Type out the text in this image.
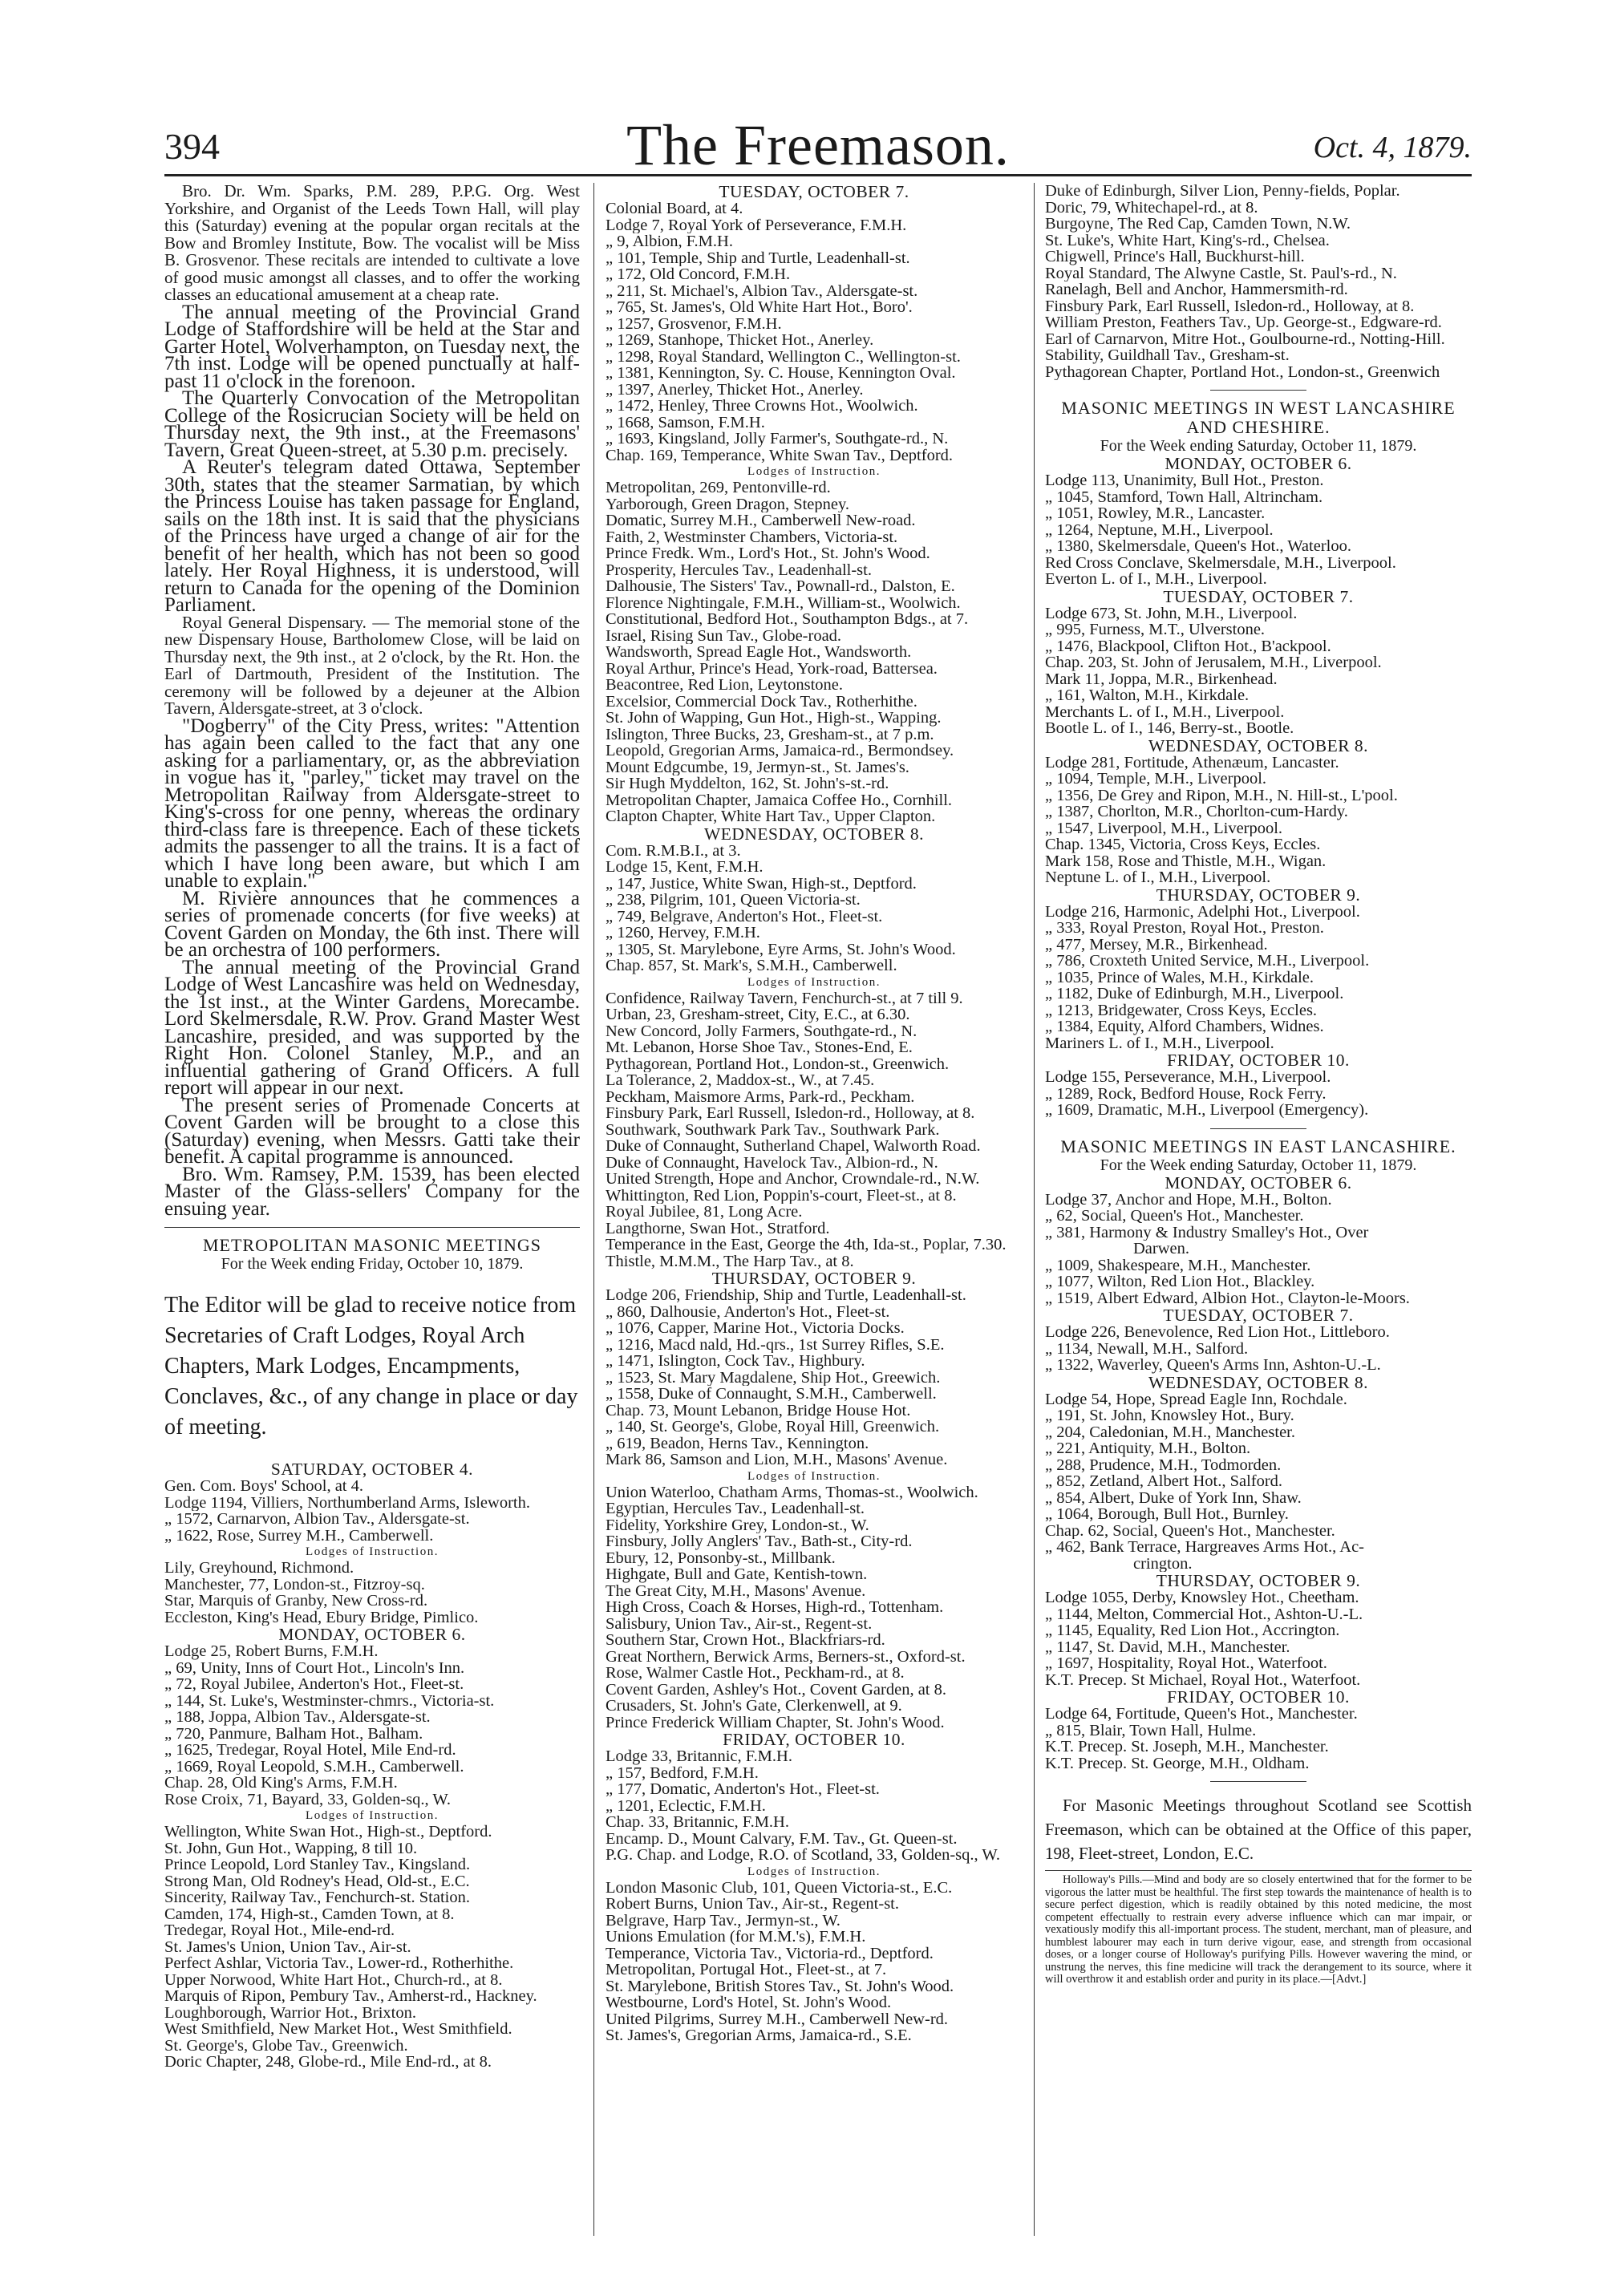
394	The Freemason.	Oct. 4, 1879.

Bro. Dr. Wm. Sparks, P.M. 289, P.P.G. Org. West Yorkshire, and Organist of the Leeds Town Hall, will play this (Saturday) evening at the popular organ recitals at the Bow and Bromley Institute, Bow. The vocalist will be Miss B. Grosvenor. These recitals are intended to cultivate a love of good music amongst all classes, and to offer the working classes an educational amusement at a cheap rate.

The annual meeting of the Provincial Grand Lodge of Staffordshire will be held at the Star and Garter Hotel, Wolverhampton, on Tuesday next, the 7th inst. Lodge will be opened punctually at half-past 11 o'clock in the forenoon.

The Quarterly Convocation of the Metropolitan College of the Rosicrucian Society will be held on Thursday next, the 9th inst., at the Freemasons' Tavern, Great Queen-street, at 5.30 p.m. precisely.

A Reuter's telegram dated Ottawa, September 30th, states that the steamer Sarmatian, by which the Princess Louise has taken passage for England, sails on the 18th inst. It is said that the physicians of the Princess have urged a change of air for the benefit of her health, which has not been so good lately. Her Royal Highness, it is understood, will return to Canada for the opening of the Dominion Parliament.

Royal General Dispensary. — The memorial stone of the new Dispensary House, Bartholomew Close, will be laid on Thursday next, the 9th inst., at 2 o'clock, by the Rt. Hon. the Earl of Dartmouth, President of the Institution. The ceremony will be followed by a dejeuner at the Albion Tavern, Aldersgate-street, at 3 o'clock.

"Dogberry" of the City Press, writes: "Attention has again been called to the fact that any one asking for a parliamentary, or, as the abbreviation in vogue has it, "parley," ticket may travel on the Metropolitan Railway from Aldersgate-street to King's-cross for one penny, whereas the ordinary third-class fare is threepence. Each of these tickets admits the passenger to all the trains. It is a fact of which I have long been aware, but which I am unable to explain."

M. Rivière announces that he commences a series of promenade concerts (for five weeks) at Covent Garden on Monday, the 6th inst. There will be an orchestra of 100 performers.

The annual meeting of the Provincial Grand Lodge of West Lancashire was held on Wednesday, the 1st inst., at the Winter Gardens, Morecambe. Lord Skelmersdale, R.W. Prov. Grand Master West Lancashire, presided, and was supported by the Right Hon. Colonel Stanley, M.P., and an influential gathering of Grand Officers. A full report will appear in our next.

The present series of Promenade Concerts at Covent Garden will be brought to a close this (Saturday) evening, when Messrs. Gatti take their benefit. A capital programme is announced.

Bro. Wm. Ramsey, P.M. 1539, has been elected Master of the Glass-sellers' Company for the ensuing year.

METROPOLITAN MASONIC MEETINGS
For the Week ending Friday, October 10, 1879.
The Editor will be glad to receive notice from Secretaries of Craft Lodges, Royal Arch Chapters, Mark Lodges, Encampments, Conclaves, &c., of any change in place or day of meeting.
SATURDAY, OCTOBER 4.
Gen. Com. Boys' School, at 4.
Lodge 1194, Villiers, Northumberland Arms, Isleworth.
„ 1572, Carnarvon, Albion Tav., Aldersgate-st.
„ 1622, Rose, Surrey M.H., Camberwell.
Lodges of Instruction.
Lily, Greyhound, Richmond.
Manchester, 77, London-st., Fitzroy-sq.
Star, Marquis of Granby, New Cross-rd.
Eccleston, King's Head, Ebury Bridge, Pimlico.
MONDAY, OCTOBER 6.
Lodge 25, Robert Burns, F.M.H.
„ 69, Unity, Inns of Court Hot., Lincoln's Inn.
„ 72, Royal Jubilee, Anderton's Hot., Fleet-st.
„ 144, St. Luke's, Westminster-chmrs., Victoria-st.
„ 188, Joppa, Albion Tav., Aldersgate-st.
„ 720, Panmure, Balham Hot., Balham.
„ 1625, Tredegar, Royal Hotel, Mile End-rd.
„ 1669, Royal Leopold, S.M.H., Camberwell.
Chap. 28, Old King's Arms, F.M.H.
Rose Croix, 71, Bayard, 33, Golden-sq., W.
Lodges of Instruction.
Wellington, White Swan Hot., High-st., Deptford.
St. John, Gun Hot., Wapping, 8 till 10.
Prince Leopold, Lord Stanley Tav., Kingsland.
Strong Man, Old Rodney's Head, Old-st., E.C.
Sincerity, Railway Tav., Fenchurch-st. Station.
Camden, 174, High-st., Camden Town, at 8.
Tredegar, Royal Hot., Mile-end-rd.
St. James's Union, Union Tav., Air-st.
Perfect Ashlar, Victoria Tav., Lower-rd., Rotherhithe.
Upper Norwood, White Hart Hot., Church-rd., at 8.
Marquis of Ripon, Pembury Tav., Amherst-rd., Hackney.
Loughborough, Warrior Hot., Brixton.
West Smithfield, New Market Hot., West Smithfield.
St. George's, Globe Tav., Greenwich.
Doric Chapter, 248, Globe-rd., Mile End-rd., at 8.
TUESDAY, OCTOBER 7.
Colonial Board, at 4.
Lodge 7, Royal York of Perseverance, F.M.H.
„ 9, Albion, F.M.H.
„ 101, Temple, Ship and Turtle, Leadenhall-st.
„ 172, Old Concord, F.M.H.
„ 211, St. Michael's, Albion Tav., Aldersgate-st.
„ 765, St. James's, Old White Hart Hot., Boro'.
„ 1257, Grosvenor, F.M.H.
„ 1269, Stanhope, Thicket Hot., Anerley.
„ 1298, Royal Standard, Wellington C., Wellington-st.
„ 1381, Kennington, Sy. C. House, Kennington Oval.
„ 1397, Anerley, Thicket Hot., Anerley.
„ 1472, Henley, Three Crowns Hot., Woolwich.
„ 1668, Samson, F.M.H.
„ 1693, Kingsland, Jolly Farmer's, Southgate-rd., N.
Chap. 169, Temperance, White Swan Tav., Deptford.
Lodges of Instruction.
Metropolitan, 269, Pentonville-rd.
Yarborough, Green Dragon, Stepney.
Domatic, Surrey M.H., Camberwell New-road.
Faith, 2, Westminster Chambers, Victoria-st.
Prince Fredk. Wm., Lord's Hot., St. John's Wood.
Prosperity, Hercules Tav., Leadenhall-st.
Dalhousie, The Sisters' Tav., Pownall-rd., Dalston, E.
Florence Nightingale, F.M.H., William-st., Woolwich.
Constitutional, Bedford Hot., Southampton Bdgs., at 7.
Israel, Rising Sun Tav., Globe-road.
Wandsworth, Spread Eagle Hot., Wandsworth.
Royal Arthur, Prince's Head, York-road, Battersea.
Beacontree, Red Lion, Leytonstone.
Excelsior, Commercial Dock Tav., Rotherhithe.
St. John of Wapping, Gun Hot., High-st., Wapping.
Islington, Three Bucks, 23, Gresham-st., at 7 p.m.
Leopold, Gregorian Arms, Jamaica-rd., Bermondsey.
Mount Edgcumbe, 19, Jermyn-st., St. James's.
Sir Hugh Myddelton, 162, St. John's-st.-rd.
Metropolitan Chapter, Jamaica Coffee Ho., Cornhill.
Clapton Chapter, White Hart Tav., Upper Clapton.
WEDNESDAY, OCTOBER 8.
Com. R.M.B.I., at 3.
Lodge 15, Kent, F.M.H.
„ 147, Justice, White Swan, High-st., Deptford.
„ 238, Pilgrim, 101, Queen Victoria-st.
„ 749, Belgrave, Anderton's Hot., Fleet-st.
„ 1260, Hervey, F.M.H.
„ 1305, St. Marylebone, Eyre Arms, St. John's Wood.
Chap. 857, St. Mark's, S.M.H., Camberwell.
Lodges of Instruction.
Confidence, Railway Tavern, Fenchurch-st., at 7 till 9.
Urban, 23, Gresham-street, City, E.C., at 6.30.
New Concord, Jolly Farmers, Southgate-rd., N.
Mt. Lebanon, Horse Shoe Tav., Stones-End, E.
Pythagorean, Portland Hot., London-st., Greenwich.
La Tolerance, 2, Maddox-st., W., at 7.45.
Peckham, Maismore Arms, Park-rd., Peckham.
Finsbury Park, Earl Russell, Isledon-rd., Holloway, at 8.
Southwark, Southwark Park Tav., Southwark Park.
Duke of Connaught, Sutherland Chapel, Walworth Road.
Duke of Connaught, Havelock Tav., Albion-rd., N.
United Strength, Hope and Anchor, Crowndale-rd., N.W.
Whittington, Red Lion, Poppin's-court, Fleet-st., at 8.
Royal Jubilee, 81, Long Acre.
Langthorne, Swan Hot., Stratford.
Temperance in the East, George the 4th, Ida-st., Poplar, 7.30.
Thistle, M.M.M., The Harp Tav., at 8.
THURSDAY, OCTOBER 9.
Lodge 206, Friendship, Ship and Turtle, Leadenhall-st.
„ 860, Dalhousie, Anderton's Hot., Fleet-st.
„ 1076, Capper, Marine Hot., Victoria Docks.
„ 1216, Macd nald, Hd.-qrs., 1st Surrey Rifles, S.E.
„ 1471, Islington, Cock Tav., Highbury.
„ 1523, St. Mary Magdalene, Ship Hot., Greewich.
„ 1558, Duke of Connaught, S.M.H., Camberwell.
Chap. 73, Mount Lebanon, Bridge House Hot.
„ 140, St. George's, Globe, Royal Hill, Greenwich.
„ 619, Beadon, Herns Tav., Kennington.
Mark 86, Samson and Lion, M.H., Masons' Avenue.
Lodges of Instruction.
Union Waterloo, Chatham Arms, Thomas-st., Woolwich.
Egyptian, Hercules Tav., Leadenhall-st.
Fidelity, Yorkshire Grey, London-st., W.
Finsbury, Jolly Anglers' Tav., Bath-st., City-rd.
Ebury, 12, Ponsonby-st., Millbank.
Highgate, Bull and Gate, Kentish-town.
The Great City, M.H., Masons' Avenue.
High Cross, Coach & Horses, High-rd., Tottenham.
Salisbury, Union Tav., Air-st., Regent-st.
Southern Star, Crown Hot., Blackfriars-rd.
Great Northern, Berwick Arms, Berners-st., Oxford-st.
Rose, Walmer Castle Hot., Peckham-rd., at 8.
Covent Garden, Ashley's Hot., Covent Garden, at 8.
Crusaders, St. John's Gate, Clerkenwell, at 9.
Prince Frederick William Chapter, St. John's Wood.
FRIDAY, OCTOBER 10.
Lodge 33, Britannic, F.M.H.
„ 157, Bedford, F.M.H.
„ 177, Domatic, Anderton's Hot., Fleet-st.
„ 1201, Eclectic, F.M.H.
Chap. 33, Britannic, F.M.H.
Encamp. D., Mount Calvary, F.M. Tav., Gt. Queen-st.
P.G. Chap. and Lodge, R.O. of Scotland, 33, Golden-sq., W.
Lodges of Instruction.
London Masonic Club, 101, Queen Victoria-st., E.C.
Robert Burns, Union Tav., Air-st., Regent-st.
Belgrave, Harp Tav., Jermyn-st., W.
Unions Emulation (for M.M.'s), F.M.H.
Temperance, Victoria Tav., Victoria-rd., Deptford.
Metropolitan, Portugal Hot., Fleet-st., at 7.
St. Marylebone, British Stores Tav., St. John's Wood.
Westbourne, Lord's Hotel, St. John's Wood.
United Pilgrims, Surrey M.H., Camberwell New-rd.
St. James's, Gregorian Arms, Jamaica-rd., S.E.
Duke of Edinburgh, Silver Lion, Penny-fields, Poplar.
Doric, 79, Whitechapel-rd., at 8.
Burgoyne, The Red Cap, Camden Town, N.W.
St. Luke's, White Hart, King's-rd., Chelsea.
Chigwell, Prince's Hall, Buckhurst-hill.
Royal Standard, The Alwyne Castle, St. Paul's-rd., N.
Ranelagh, Bell and Anchor, Hammersmith-rd.
Finsbury Park, Earl Russell, Isledon-rd., Holloway, at 8.
William Preston, Feathers Tav., Up. George-st., Edgware-rd.
Earl of Carnarvon, Mitre Hot., Goulbourne-rd., Notting-Hill.
Stability, Guildhall Tav., Gresham-st.
Pythagorean Chapter, Portland Hot., London-st., Greenwich
MASONIC MEETINGS IN WEST LANCASHIRE AND CHESHIRE.
For the Week ending Saturday, October 11, 1879.
MONDAY, OCTOBER 6.
Lodge 113, Unanimity, Bull Hot., Preston.
„ 1045, Stamford, Town Hall, Altrincham.
„ 1051, Rowley, M.R., Lancaster.
„ 1264, Neptune, M.H., Liverpool.
„ 1380, Skelmersdale, Queen's Hot., Waterloo.
Red Cross Conclave, Skelmersdale, M.H., Liverpool.
Everton L. of I., M.H., Liverpool.
TUESDAY, OCTOBER 7.
Lodge 673, St. John, M.H., Liverpool.
„ 995, Furness, M.T., Ulverstone.
„ 1476, Blackpool, Clifton Hot., B'ackpool.
Chap. 203, St. John of Jerusalem, M.H., Liverpool.
Mark 11, Joppa, M.R., Birkenhead.
„ 161, Walton, M.H., Kirkdale.
Merchants L. of I., M.H., Liverpool.
Bootle L. of I., 146, Berry-st., Bootle.
WEDNESDAY, OCTOBER 8.
Lodge 281, Fortitude, Athenæum, Lancaster.
„ 1094, Temple, M.H., Liverpool.
„ 1356, De Grey and Ripon, M.H., N. Hill-st., L'pool.
„ 1387, Chorlton, M.R., Chorlton-cum-Hardy.
„ 1547, Liverpool, M.H., Liverpool.
Chap. 1345, Victoria, Cross Keys, Eccles.
Mark 158, Rose and Thistle, M.H., Wigan.
Neptune L. of I., M.H., Liverpool.
THURSDAY, OCTOBER 9.
Lodge 216, Harmonic, Adelphi Hot., Liverpool.
„ 333, Royal Preston, Royal Hot., Preston.
„ 477, Mersey, M.R., Birkenhead.
„ 786, Croxteth United Service, M.H., Liverpool.
„ 1035, Prince of Wales, M.H., Kirkdale.
„ 1182, Duke of Edinburgh, M.H., Liverpool.
„ 1213, Bridgewater, Cross Keys, Eccles.
„ 1384, Equity, Alford Chambers, Widnes.
Mariners L. of I., M.H., Liverpool.
FRIDAY, OCTOBER 10.
Lodge 155, Perseverance, M.H., Liverpool.
„ 1289, Rock, Bedford House, Rock Ferry.
„ 1609, Dramatic, M.H., Liverpool (Emergency).
MASONIC MEETINGS IN EAST LANCASHIRE.
For the Week ending Saturday, October 11, 1879.
MONDAY, OCTOBER 6.
Lodge 37, Anchor and Hope, M.H., Bolton.
„ 62, Social, Queen's Hot., Manchester.
„ 381, Harmony & Industry Smalley's Hot., Over
Darwen.
„ 1009, Shakespeare, M.H., Manchester.
„ 1077, Wilton, Red Lion Hot., Blackley.
„ 1519, Albert Edward, Albion Hot., Clayton-le-Moors.
TUESDAY, OCTOBER 7.
Lodge 226, Benevolence, Red Lion Hot., Littleboro.
„ 1134, Newall, M.H., Salford.
„ 1322, Waverley, Queen's Arms Inn, Ashton-U.-L.
WEDNESDAY, OCTOBER 8.
Lodge 54, Hope, Spread Eagle Inn, Rochdale.
„ 191, St. John, Knowsley Hot., Bury.
„ 204, Caledonian, M.H., Manchester.
„ 221, Antiquity, M.H., Bolton.
„ 288, Prudence, M.H., Todmorden.
„ 852, Zetland, Albert Hot., Salford.
„ 854, Albert, Duke of York Inn, Shaw.
„ 1064, Borough, Bull Hot., Burnley.
Chap. 62, Social, Queen's Hot., Manchester.
„ 462, Bank Terrace, Hargreaves Arms Hot., Ac-
crington.
THURSDAY, OCTOBER 9.
Lodge 1055, Derby, Knowsley Hot., Cheetham.
„ 1144, Melton, Commercial Hot., Ashton-U.-L.
„ 1145, Equality, Red Lion Hot., Accrington.
„ 1147, St. David, M.H., Manchester.
„ 1697, Hospitality, Royal Hot., Waterfoot.
K.T. Precep. St Michael, Royal Hot., Waterfoot.
FRIDAY, OCTOBER 10.
Lodge 64, Fortitude, Queen's Hot., Manchester.
„ 815, Blair, Town Hall, Hulme.
K.T. Precep. St. Joseph, M.H., Manchester.
K.T. Precep. St. George, M.H., Oldham.

For Masonic Meetings throughout Scotland see Scottish Freemason, which can be obtained at the Office of this paper, 198, Fleet-street, London, E.C.

Holloway's Pills.—Mind and body are so closely entertwined that for the former to be vigorous the latter must be healthful. The first step towards the maintenance of health is to secure perfect digestion, which is readily obtained by this noted medicine, the most competent effectually to restrain every adverse influence which can mar impair, or vexatiously modify this all-important process. The student, merchant, man of pleasure, and humblest labourer may each in turn derive vigour, ease, and strength from occasional doses, or a longer course of Holloway's purifying Pills. However wavering the mind, or unstrung the nerves, this fine medicine will track the derangement to its source, where it will overthrow it and establish order and purity in its place.—[Advt.]
